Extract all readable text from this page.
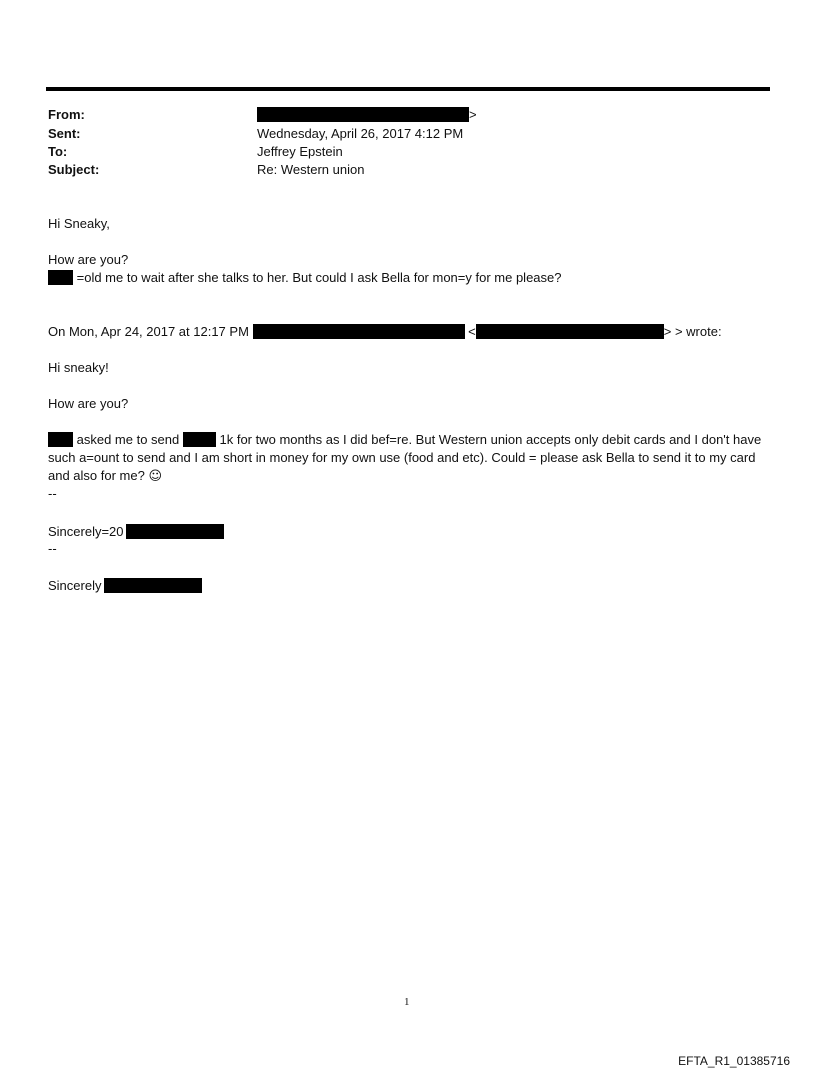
From:	>
Sent:	Wednesday, April 26, 2017 4:12 PM
To:	Jeffrey Epstein
Subject:	Re: Western union
Hi Sneaky,
How are you?
=old me to wait after she talks to her. But could I ask Bella for mon=y for me please?
On Mon, Apr 24, 2017 at 12:17 PM	<	> > wrote:
Hi sneaky!
How are you?
asked me to send	1k for two months as I did bef=re. But Western union accepts only debit cards and I don't have such a=ount to send and I am short in money for my own use (food and etc). Could = please ask Bella to send it to my card and also for me? ☺
--
Sincerely=20
--
Sincerely
1
EFTA_R1_01385716
